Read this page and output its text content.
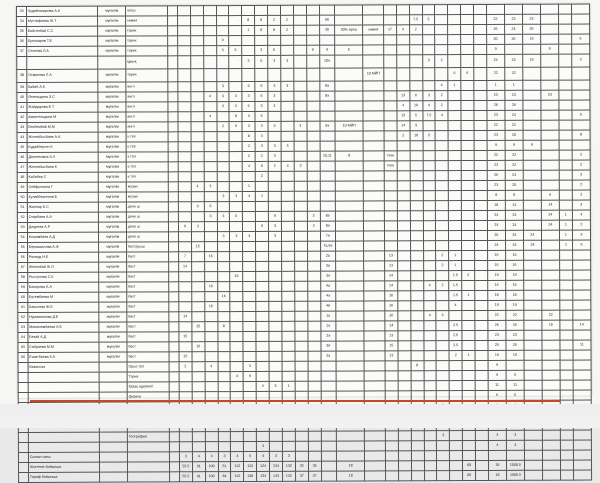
33	Худайназарова А.А	мұғалім	геогр																													
34	Мустафаева Ж.Т	мұғалім	химия							8	8	2	2			90					7.5	5					22	23	23			
35	Бейсенбай С.С	мұғалім	тарих							1	8	8	2			30	30% ареа	химия	17	4	2						26	24	25			
36	Ерназаров Т.Е	мұғалім	тарих					9																			20	26	24			6
37	Сеитова Л.А	мұғалім	тарих					3	6		3	6			9	9	6										9			9		
			құқық							3	6	3	3			10ә						3	2				24	24	24			3
38	Османова Л.А	мұғалім	тарих															10 МЙП						6	6		22	22				
39	Кабиб А.К	мұғалім	англ					3		6	6	3	3			8а							4	1			1	1				
40	Янгельдина З.С	мұғалім	англ				4	3	3	3	6	3				8ә				13	6	3	2				23	23		23		
41	Жайдарова Е.Т	мұғалім	англ					3	3	6	3	3								4	10	4	2				26	26				
42	Амангельдина М	мұғалім	англ				4		8	3	6									13	5	7.5	4				23	24				5
43	Бекбембай М.М	мұғалім	англ					2	9	3	3	3		3		9ә	10 МЙП			14	9						22	22				
44	Жолтабысбаев А.А	мұғалім	к.тілі							8	3									2	10	5					23	20				8
45	Кудайберген К	мұғалім	к.тілі							2	3	3	3														9	9	9			
46	Данлековна А.Х	мұғалім	к.тілі							2	2	3				10,11	8		теек								22	22				2
47	Жолтабысбаев К	мұғалім	к.тілі							4	6	2	4	3					теек								23	22				2
48	Кабибер С	мұғалім	к.тілі								2																26	24				3
49	Сейфуллина Г	мұғалім	музык			4	3			1																	23	20				2
50	Кулайбергенов Б	мұғалім	музык					3	3	4	1																8	8		6		2
51	Жаппар Б.С	мұғалім	дене ш			9	6																				18	14		14		3
52	Отарбаев А.А	мұғалім	дене ш				3	3	6			9			3	8ә											24	24		24	1	4
53	Джуреев А.Р	мұғалім	дене ш		9	3					6	3			3	8ә											24	24		24	1	2
54	Кошимбаев А.Д	мұғалім	дене ш					3	3	3		3				7ә											26	24	24		1	9
55	Бермахалова А.Ф	мұғалім	бастауыш			15										7а,9ә											24	24	24		1	6
56	Рахмуд Н.Е	мұғалім	баст		7		16									2а			13				2	1			16	16				
57	Жекенбай Ж.О	мұғалім	баст		14											3а			13				2	1			16	16				
58	Рысгулова С.К	мұғалім	баст						16							3ә			14					1.5	2		19	19				
59	Бахирова А.А	мұғалім	баст				16									4а			14			4	2	1.5			16	16				
60	Бутембаева М	мұғалім	баст					16								4ә			16					1.5	1		18	18				
61	Бакытова Ж.Б	мұғалім	баст				16									4б			16					4			19	19				
62	Нурмаканова Д.Е	мұғалім	баст		14											1а			16			4	6				22	22		22		
63	Мамалимбаева А.Е	мұғалім	баст			15		8								1ә			14					2.5			26	26		16		14
64	Бекай А.Д	мұғалім	баст		15											2ә			13					2.5			23	23				
65	Сабраева М.М	мұғалім	баст			16										3б			15					2.5			25	25				11
66	Ешмтбаева К.А	мұғалім	баст		15											2а			13					2	1		19	19				
	Вакансия		Орыс тілі		2		4			3											8						9					
			Тарих						4	9																	9	9				
			Қазақ әдебиеті								4	6	1														11	11				
			физика																								6	6				

			География																				3				3	3				
											4																4	4				
	Сынып саны				3	4	4	3	4	5	4	3	3																			
	Жүктеме бойынша				55.5	91	100	51	112	112	124	134	132	32	35		18								68		18	1000.5				
	Тариф бойынша				55.5	91	100	84	112	130	134	143	132	37	37		18								68		18	1000.5				
